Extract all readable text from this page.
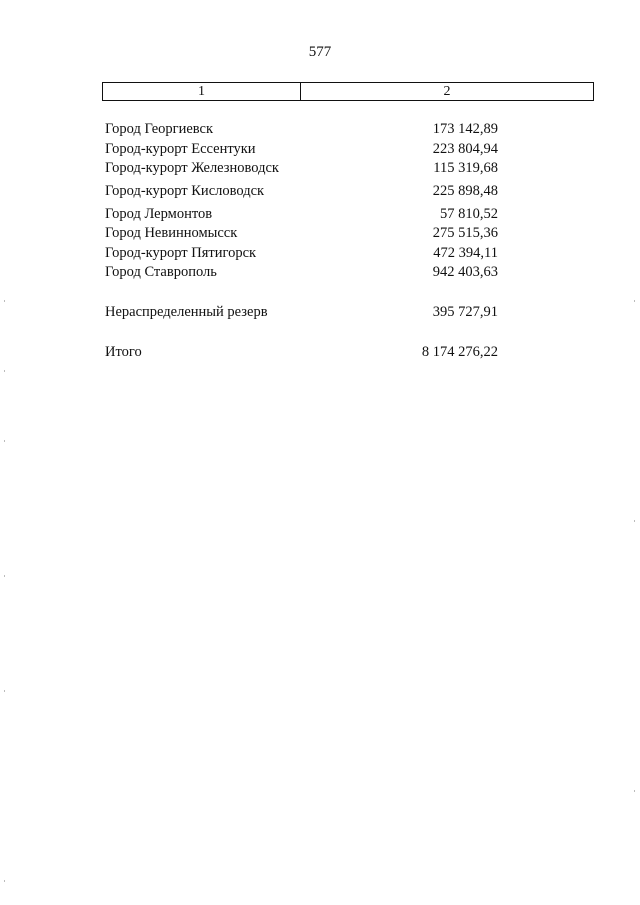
577
1	2
Город Георгиевск	173 142,89
Город-курорт Ессентуки	223 804,94
Город-курорт Железноводск	115 319,68
Город-курорт Кисловодск	225 898,48
Город Лермонтов	57 810,52
Город Невинномысск	275 515,36
Город-курорт Пятигорск	472 394,11
Город Ставрополь	942 403,63
Нераспределенный резерв	395 727,91
Итого	8 174 276,22
